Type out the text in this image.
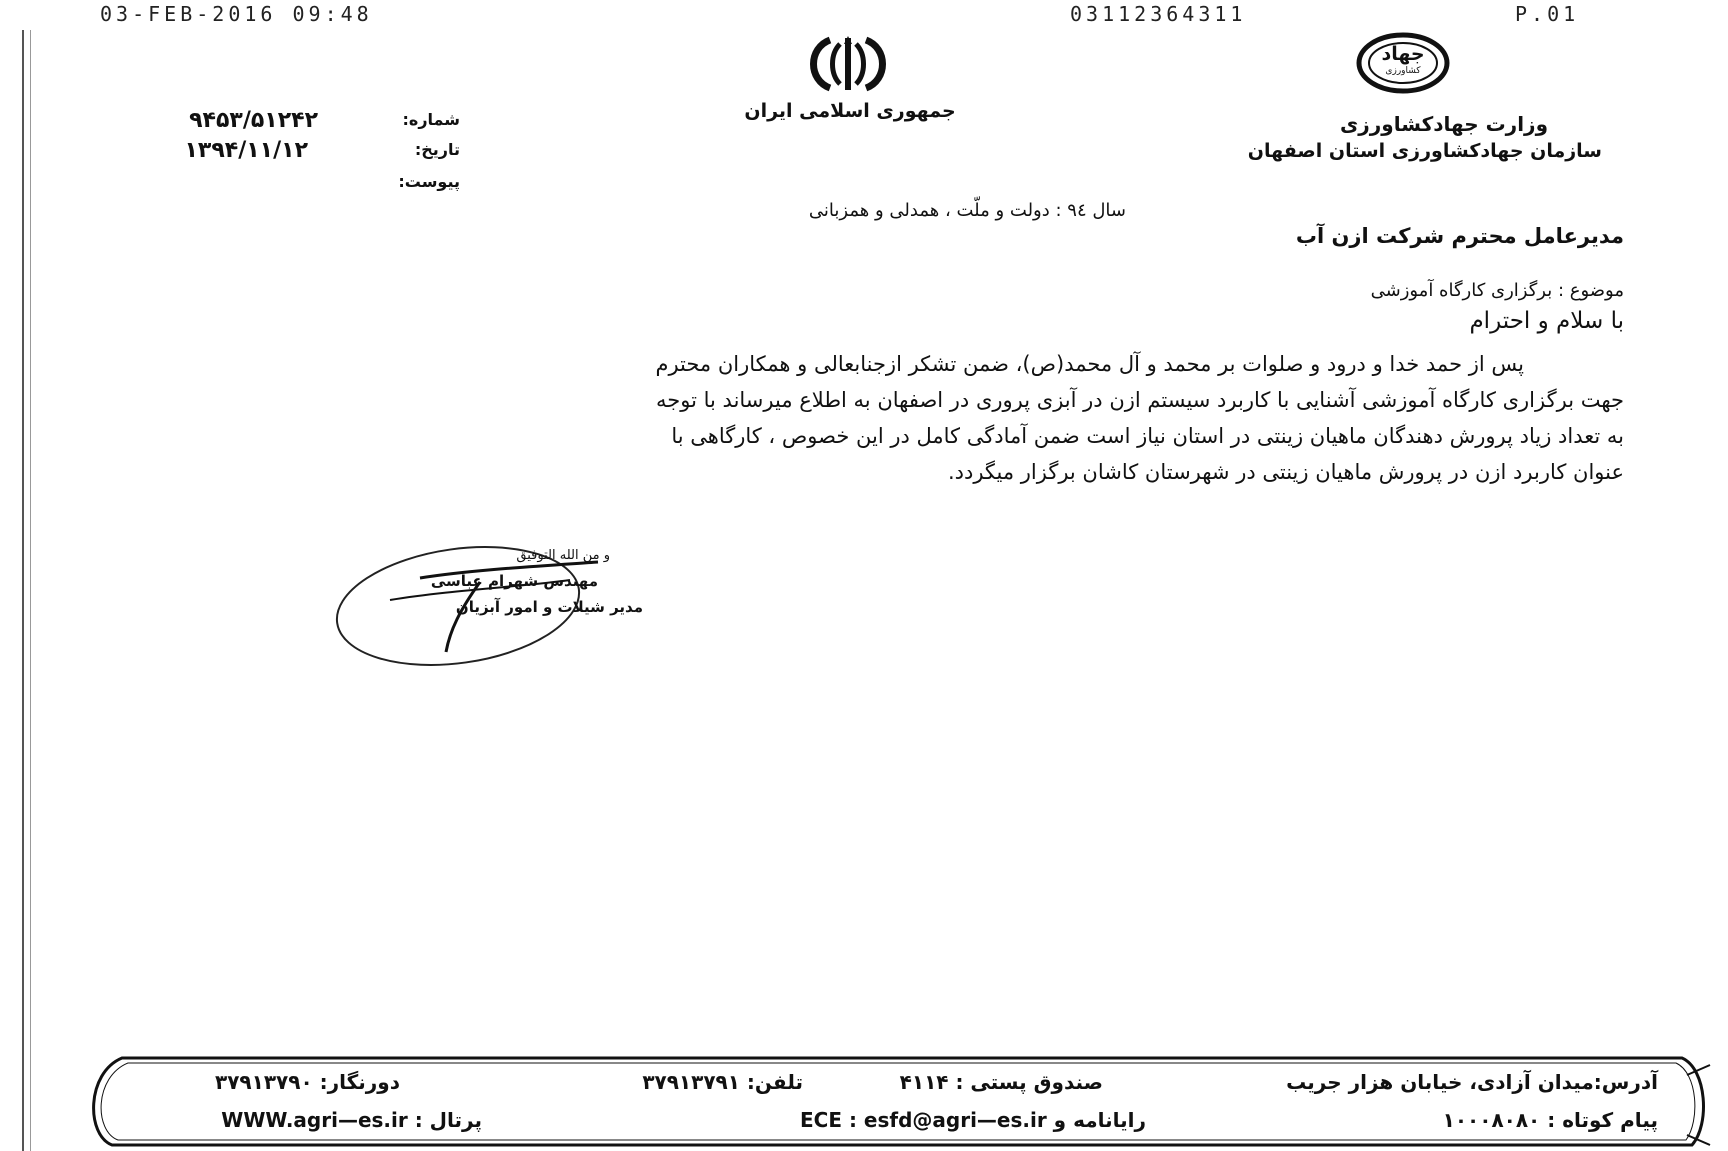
03-FEB-2016 09:48	03112364311	P.01
جمهوری اسلامی ایران
جهاد
کشاورزی
وزارت جهادکشاورزی
سازمان جهادکشاورزی استان اصفهان
شماره:
۹۴۵۳/۵۱۲۴۲
تاریخ:
۱۳۹۴/۱۱/۱۲
پیوست:
سال ۹٤ : دولت و ملّت ، همدلی و همزبانی
مدیرعامل محترم شرکت ازن آب
موضوع : برگزاری کارگاه آموزشی
با سلام و احترام

پس از حمد خدا و درود و صلوات بر محمد و آل محمد(ص)، ضمن تشکر ازجنابعالی و همکاران محترم

جهت برگزاری کارگاه آموزشی آشنایی با کاربرد سیستم ازن در آبزی پروری در اصفهان به اطلاع میرساند با توجه

به تعداد زیاد پرورش دهندگان ماهیان زینتی در استان نیاز است ضمن آمادگی کامل در این خصوص ، کارگاهی با

عنوان کاربرد ازن در پرورش ماهیان زینتی در شهرستان کاشان برگزار میگردد.

و من الله التوفیق
مهندس شهرام عباسی
مدیر شیلات و امور آبزیان
آدرس:میدان آزادی، خیابان هزار جریب
صندوق پستی : ۴۱۱۴
تلفن: ۳۷۹۱۳۷۹۱
دورنگار: ۳۷۹۱۳۷۹۰
پیام کوتاه : ۱۰۰۰۸۰۸۰
رایانامه و ECE : esfd@agri—es.ir
پرتال : WWW.agri—es.ir
